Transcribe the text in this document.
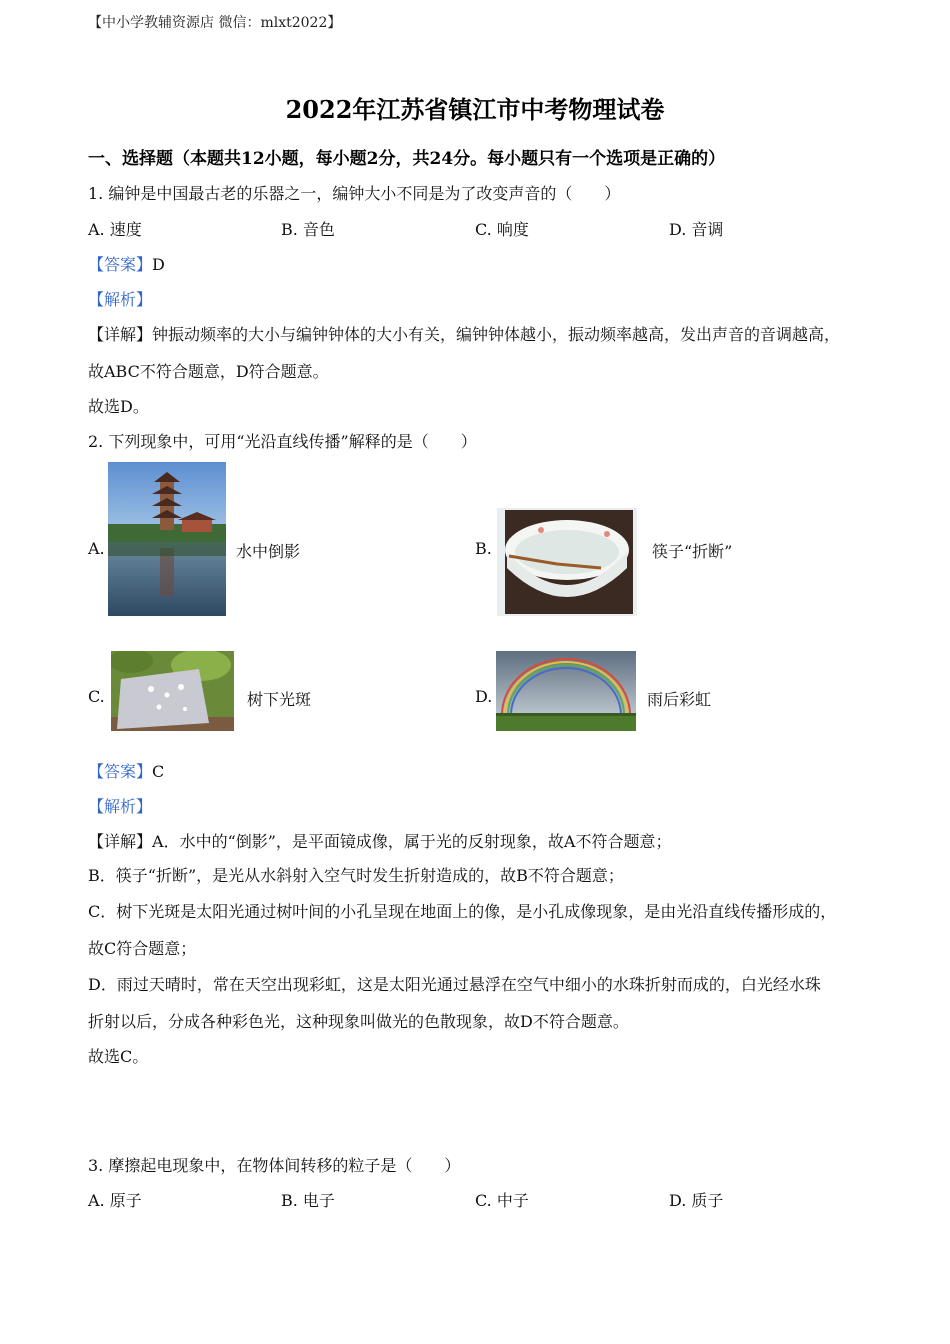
【中小学教辅资源店 微信：mlxt2022】
2022年江苏省镇江市中考物理试卷
一、选择题（本题共12小题，每小题2分，共24分。每小题只有一个选项是正确的）
1. 编钟是中国最古老的乐器之一，编钟大小不同是为了改变声音的（　　）
A. 速度	B. 音色	C. 响度	D. 音调
【答案】D
【解析】
【详解】钟振动频率的大小与编钟钟体的大小有关，编钟钟体越小，振动频率越高，发出声音的音调越高，
故ABC不符合题意，D符合题意。
故选D。
2. 下列现象中，可用“光沿直线传播”解释的是（　　）
A.	水中倒影	B.	筷子“折断”
C.	树下光斑	D.	雨后彩虹
【答案】C
【解析】
【详解】A．水中的“倒影”，是平面镜成像，属于光的反射现象，故A不符合题意；
B．筷子“折断”，是光从水斜射入空气时发生折射造成的，故B不符合题意；
C．树下光斑是太阳光通过树叶间的小孔呈现在地面上的像，是小孔成像现象，是由光沿直线传播形成的，
故C符合题意；
D．雨过天晴时，常在天空出现彩虹，这是太阳光通过悬浮在空气中细小的水珠折射而成的，白光经水珠
折射以后，分成各种彩色光，这种现象叫做光的色散现象，故D不符合题意。
故选C。
3. 摩擦起电现象中，在物体间转移的粒子是（　　）
A. 原子	B. 电子	C. 中子	D. 质子
